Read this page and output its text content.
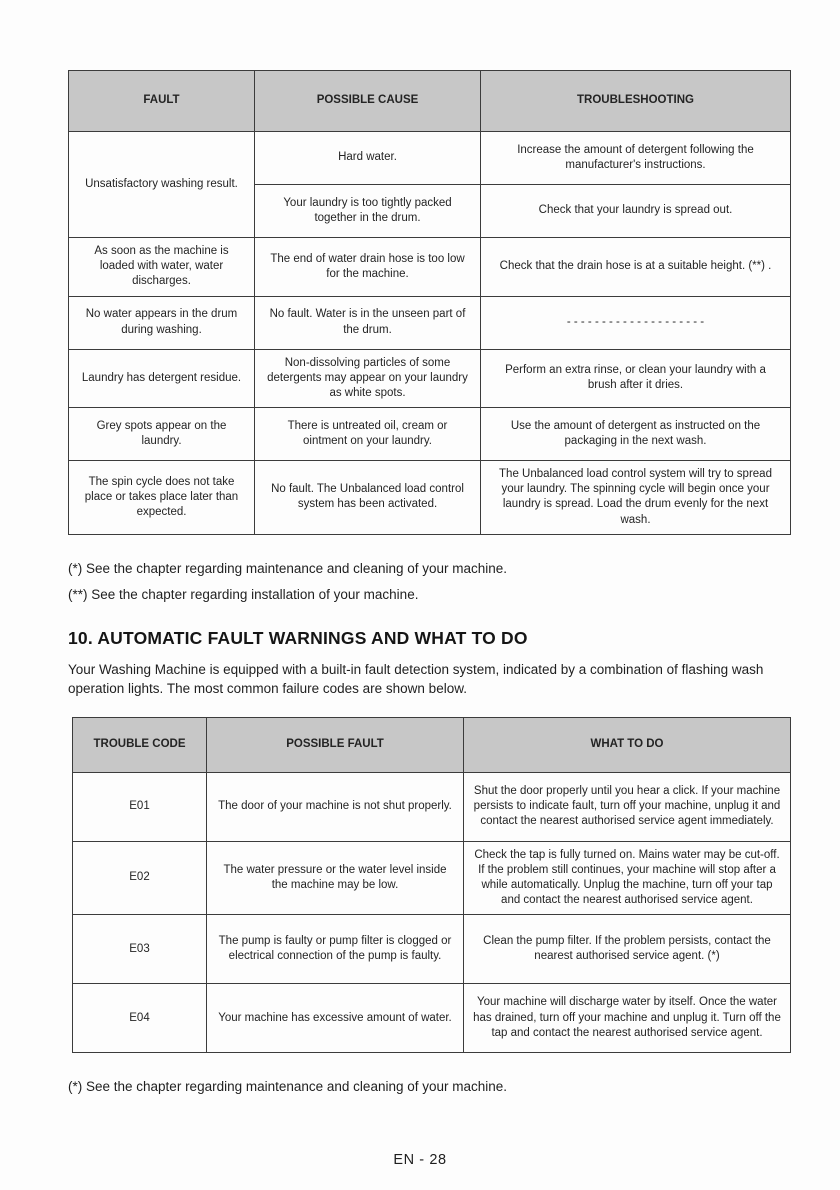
FAULT	POSSIBLE CAUSE	TROUBLESHOOTING
Unsatisfactory washing result.	Hard water.	Increase the amount of detergent following the manufacturer's instructions.
	Your laundry is too tightly packed together in the drum.	Check that your laundry is spread out.
As soon as the machine is loaded with water, water discharges.	The end of water drain hose is too low for the machine.	Check that the drain hose is at a suitable height. (**) .
No water appears in the drum during washing.	No fault. Water is in the unseen part of the drum.	- - - - - - - - - - - - - - - - - - - -
Laundry has detergent residue.	Non-dissolving particles of some detergents may appear on your laundry as white spots.	Perform an extra rinse, or clean your laundry with a brush after it dries.
Grey spots appear on the laundry.	There is untreated oil, cream or ointment on your laundry.	Use the amount of detergent as instructed on the packaging in the next wash.
The spin cycle does not take place or takes place later than expected.	No fault. The Unbalanced load control system has been activated.	The Unbalanced load control system will try to spread your laundry. The spinning cycle will begin once your laundry is spread. Load the drum evenly for the next wash.
(*) See the chapter regarding maintenance and cleaning of your machine.
(**) See the chapter regarding installation of your machine.
10. AUTOMATIC FAULT WARNINGS AND WHAT TO DO
Your Washing Machine is equipped with a built-in fault detection system, indicated by a combination of flashing wash operation lights. The most common failure codes are shown below.
TROUBLE CODE	POSSIBLE FAULT	WHAT TO DO
E01	The door of your machine is not shut properly.	Shut the door properly until you hear a click. If your machine persists to indicate fault, turn off your machine, unplug it and contact the nearest authorised service agent immediately.
E02	The water pressure or the water level inside the machine may be low.	Check the tap is fully turned on. Mains water may be cut-off. If the problem still continues, your machine will stop after a while automatically. Unplug the machine, turn off your tap and contact the nearest authorised service agent.
E03	The pump is faulty or pump filter is clogged or electrical connection of the pump is faulty.	Clean the pump filter. If the problem persists, contact the nearest authorised service agent. (*)
E04	Your machine has excessive amount of water.	Your machine will discharge water by itself. Once the water has drained, turn off your machine and unplug it. Turn off the tap and contact the nearest authorised service agent.
(*) See the chapter regarding maintenance and cleaning of your machine.
EN - 28
